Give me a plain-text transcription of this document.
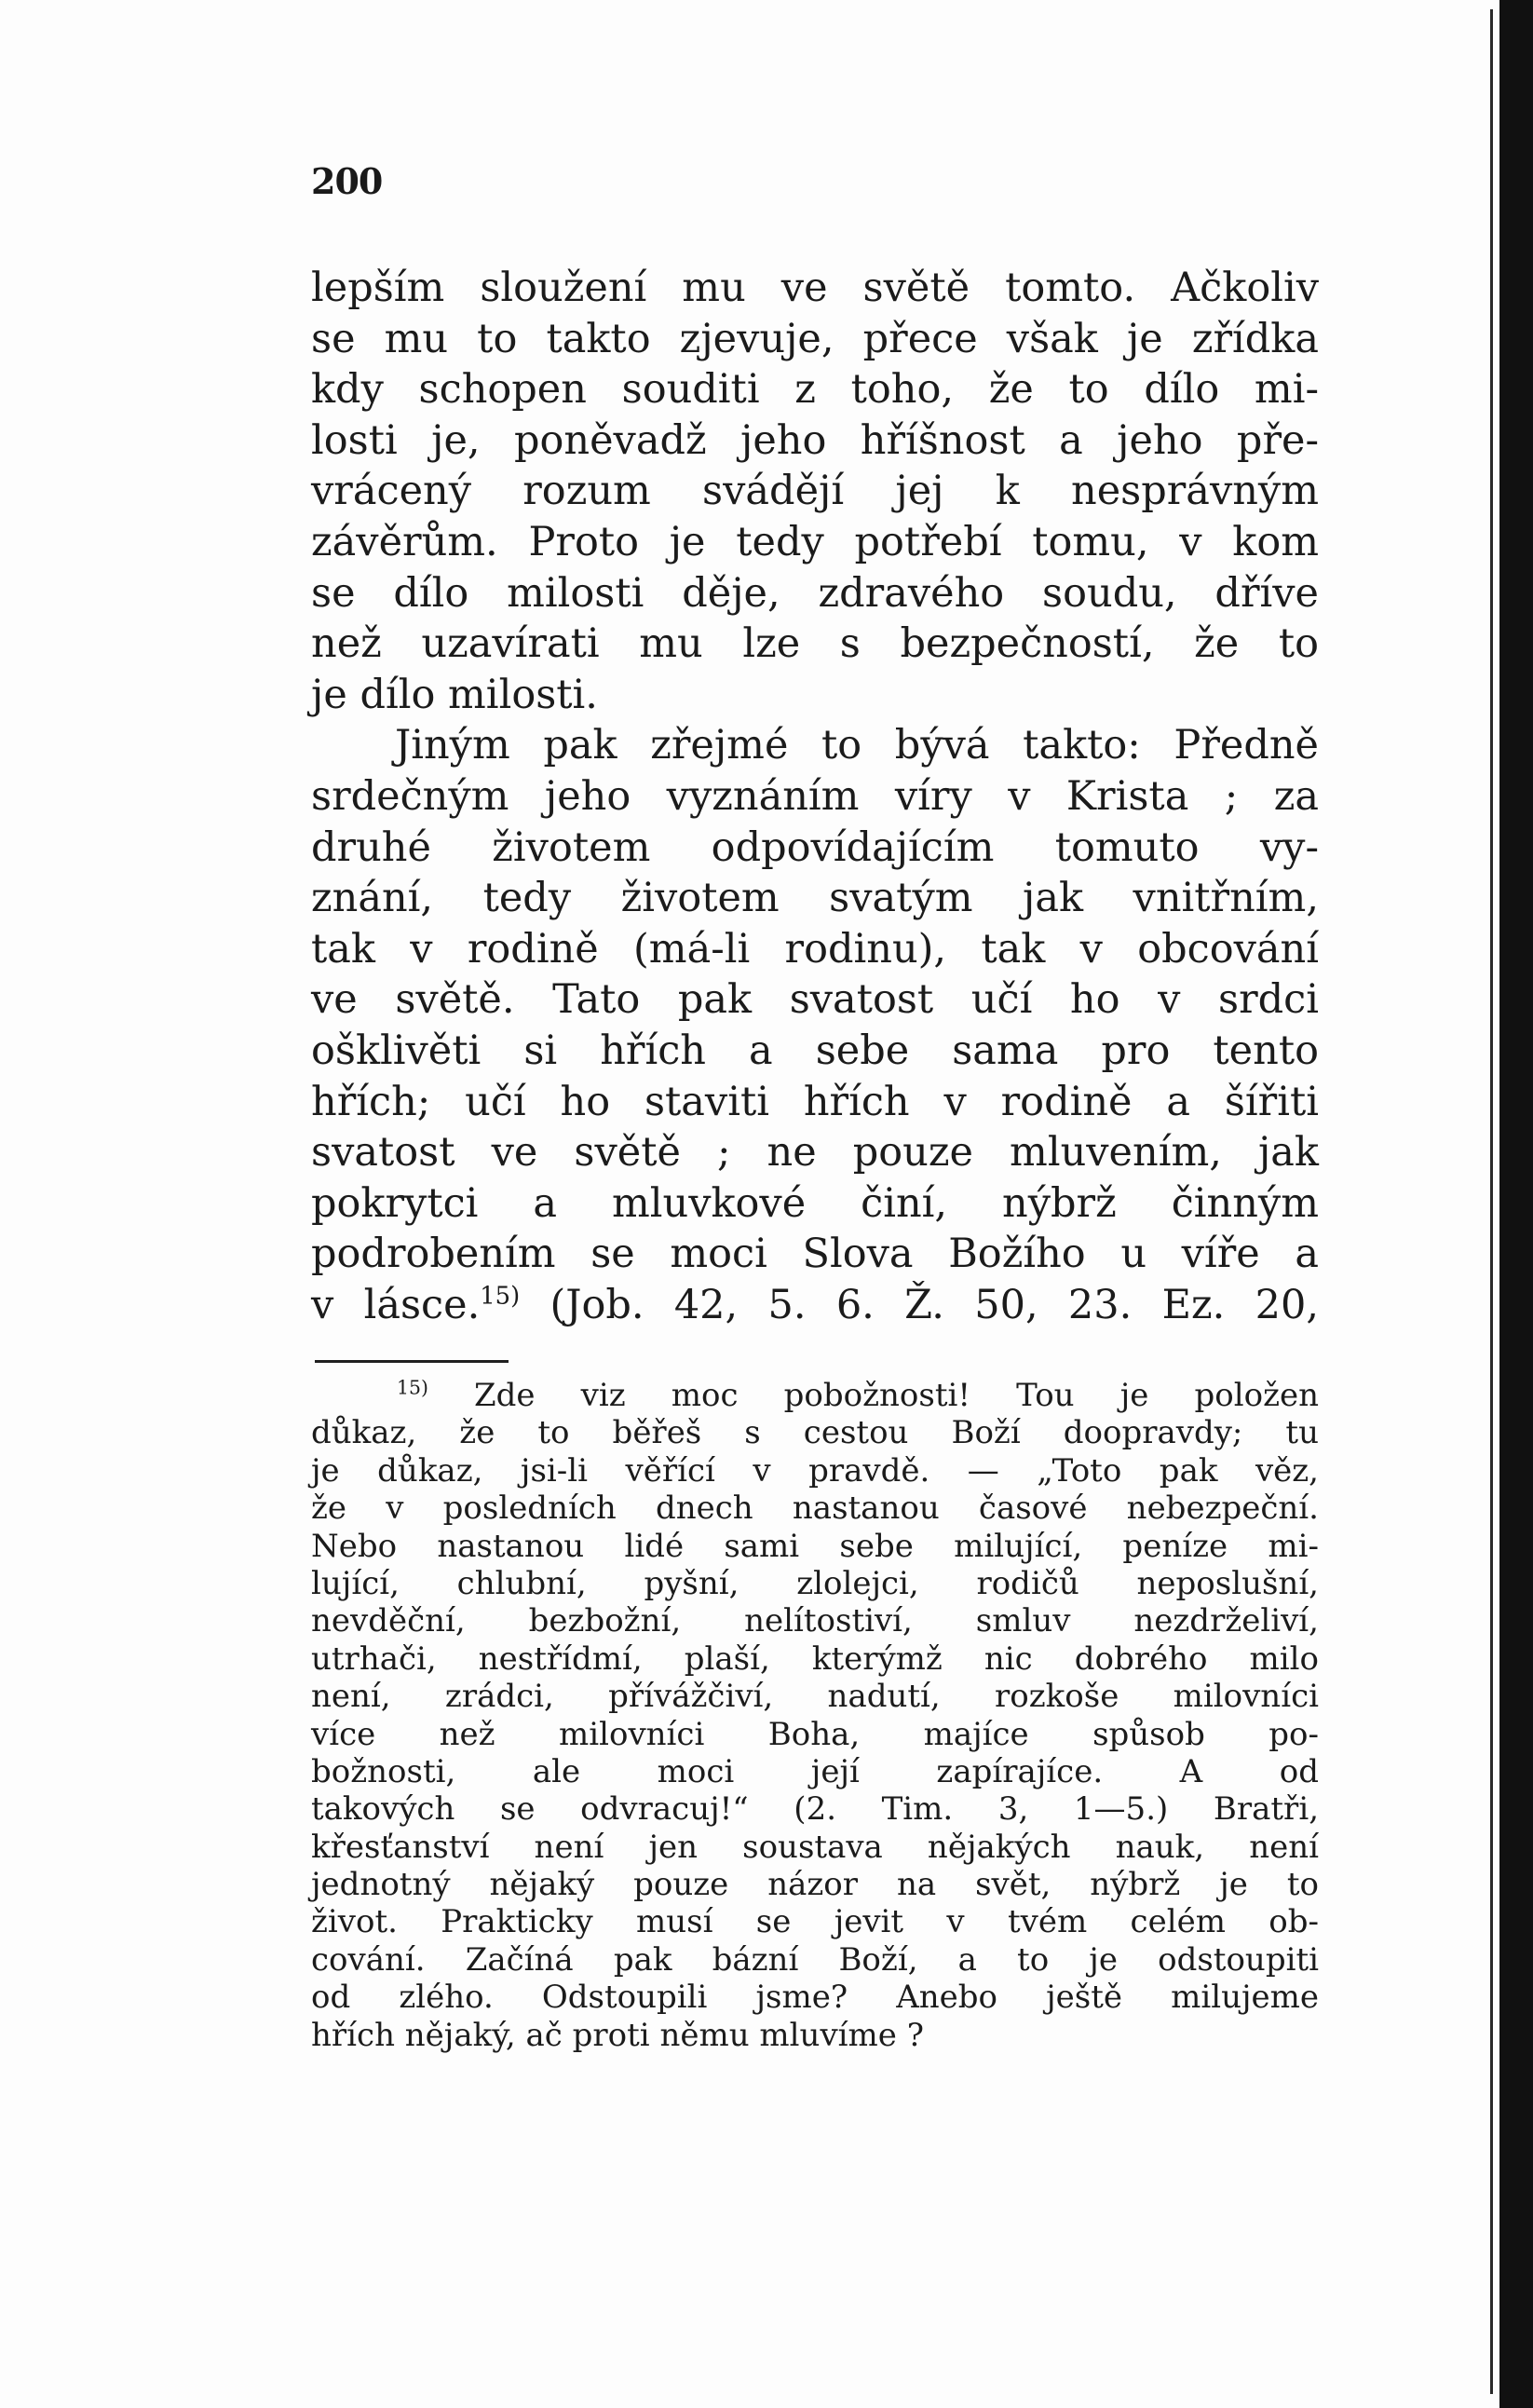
200
lepším sloužení mu ve světě tomto. Ačkoliv
se mu to takto zjevuje, přece však je zřídka
kdy schopen souditi z toho, že to dílo mi-
losti je, poněvadž jeho hříšnost a jeho pře-
vrácený rozum svádějí jej k nesprávným
závěrům. Proto je tedy potřebí tomu, v kom
se dílo milosti děje, zdravého soudu, dříve
než uzavírati mu lze s bezpečností, že to
je dílo milosti.
Jiným pak zřejmé to bývá takto: Předně
srdečným jeho vyznáním víry v Krista ; za
druhé životem odpovídajícím tomuto vy-
znání, tedy životem svatým jak vnitřním,
tak v rodině (má-li rodinu), tak v obcování
ve světě. Tato pak svatost učí ho v srdci
ošklivěti si hřích a sebe sama pro tento
hřích; učí ho staviti hřích v rodině a šířiti
svatost ve světě ; ne pouze mluvením, jak
pokrytci a mluvkové činí, nýbrž činným
podrobením se moci Slova Božího u víře a
v lásce.$^{15)}$ (Job. 42, 5. 6. Ž. 50, 23. Ez. 20,
$^{15)}$ Zde viz moc pobožnosti! Tou je položen
důkaz, že to běřeš s cestou Boží doopravdy; tu
je důkaz, jsi-li věřící v pravdě. — „Toto pak věz,
že v posledních dnech nastanou časové nebezpeční.
Nebo nastanou lidé sami sebe milující, peníze mi-
lující, chlubní, pyšní, zlolejci, rodičů neposlušní,
nevděční, bezbožní, nelítostiví, smluv nezdrželiví,
utrhači, nestřídmí, plaší, kterýmž nic dobrého milo
není, zrádci, přívážčiví, nadutí, rozkoše milovníci
více než milovníci Boha, majíce spůsob po-
božnosti, ale moci její zapírajíce. A od
takových se odvracuj!“ (2. Tim. 3, 1—5.) Bratři,
křesťanství není jen soustava nějakých nauk, není
jednotný nějaký pouze názor na svět, nýbrž je to
život. Prakticky musí se jevit v tvém celém ob-
cování. Začíná pak bázní Boží, a to je odstoupiti
od zlého. Odstoupili jsme? Anebo ještě milujeme
hřích nějaký, ač proti němu mluvíme ?
